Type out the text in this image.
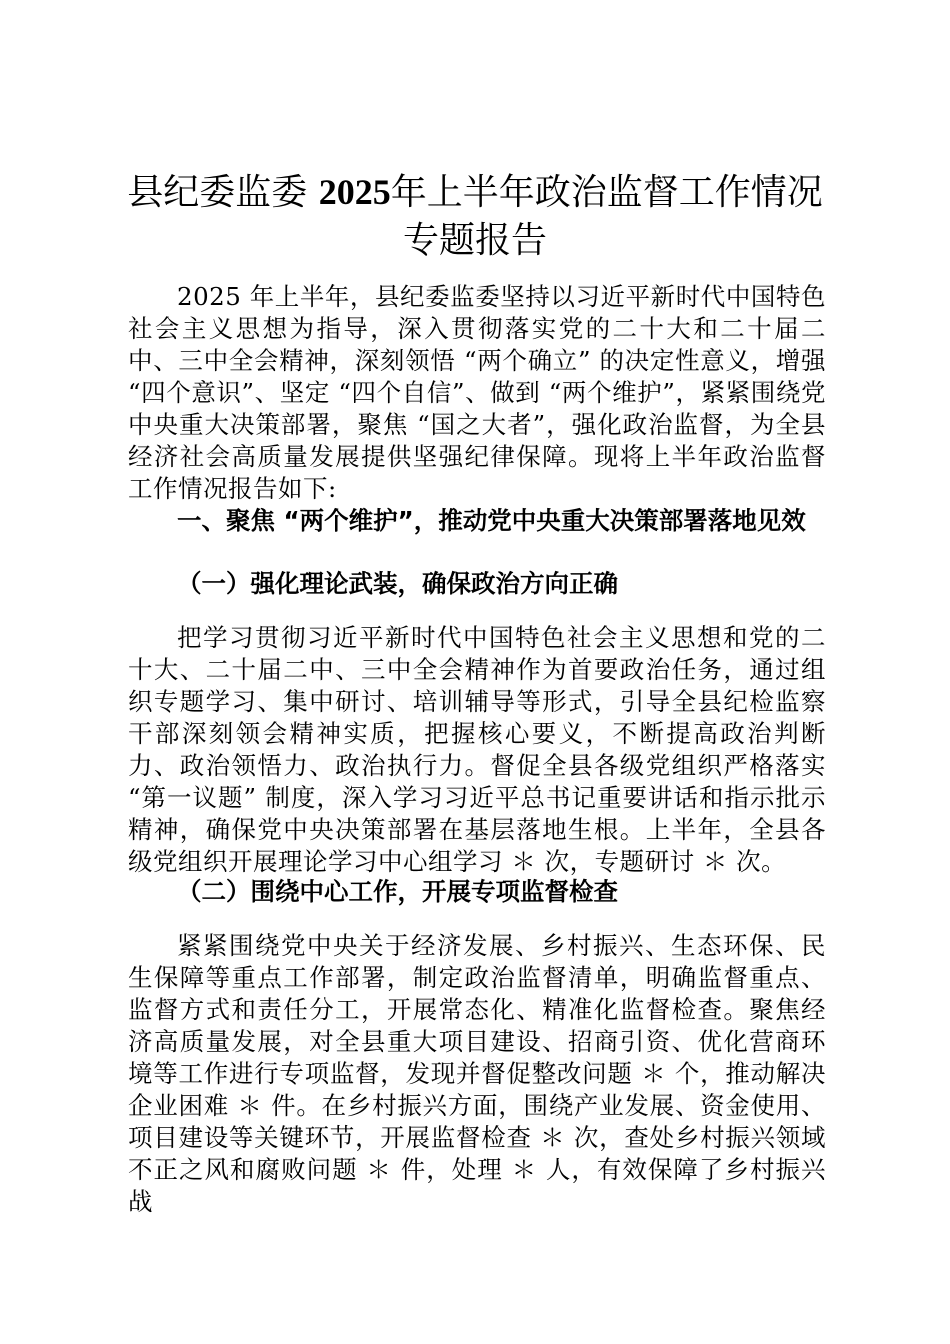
县纪委监委 2025年上半年政治监督工作情况
专题报告

2025 年上半年，县纪委监委坚持以习近平新时代中国特色社会主义思想为指导，深入贯彻落实党的二十大和二十届二中、三中全会精神，深刻领悟 “两个确立” 的决定性意义，增强 “四个意识”、坚定 “四个自信”、做到 “两个维护”，紧紧围绕党中央重大决策部署，聚焦 “国之大者”，强化政治监督，为全县经济社会高质量发展提供坚强纪律保障。现将上半年政治监督工作情况报告如下:

一、聚焦 “两个维护”，推动党中央重大决策部署落地见效

（一）强化理论武装，确保政治方向正确

把学习贯彻习近平新时代中国特色社会主义思想和党的二十大、二十届二中、三中全会精神作为首要政治任务，通过组织专题学习、集中研讨、培训辅导等形式，引导全县纪检监察干部深刻领会精神实质，把握核心要义，不断提高政治判断力、政治领悟力、政治执行力。督促全县各级党组织严格落实 “第一议题” 制度，深入学习习近平总书记重要讲话和指示批示精神，确保党中央决策部署在基层落地生根。上半年，全县各级党组织开展理论学习中心组学习 ＊ 次，专题研讨 ＊ 次。

（二）围绕中心工作，开展专项监督检查

紧紧围绕党中央关于经济发展、乡村振兴、生态环保、民生保障等重点工作部署，制定政治监督清单，明确监督重点、监督方式和责任分工，开展常态化、精准化监督检查。聚焦经济高质量发展，对全县重大项目建设、招商引资、优化营商环境等工作进行专项监督，发现并督促整改问题 ＊ 个，推动解决企业困难 ＊ 件。在乡村振兴方面，围绕产业发展、资金使用、项目建设等关键环节，开展监督检查 ＊ 次，查处乡村振兴领域不正之风和腐败问题 ＊ 件，处理 ＊ 人，有效保障了乡村振兴战
